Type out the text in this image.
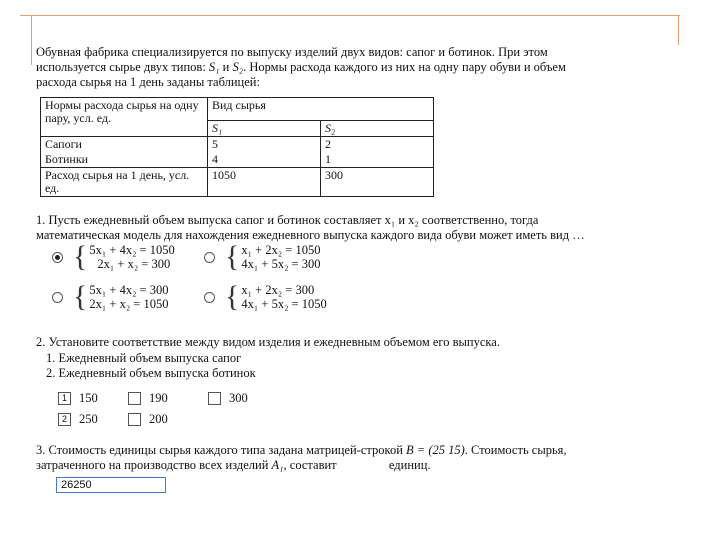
Обувная фабрика специализируется по выпуску изделий двух видов: сапог и ботинок. При этом

используется сырье двух типов: S₁ и S₂. Нормы расхода каждого из них на одну пару обуви и объем

расхода сырья на 1 день заданы таблицей:

Нормы расхода сырья на одну пару, усл. ед.	Вид сырья	
	S₁	S₂
Сапоги	5	2
Ботинки	4	1
Расход сырья на 1 день, усл. ед.	1050	300
1. Пусть ежедневный объем выпуска сапог и ботинок составляет x₁ и x₂ соответственно, тогда
математическая модель для нахождения ежедневного выпуска каждого вида обуви может иметь вид …
{ 5x₁ + 4x₂ = 1050
2x₁ + x₂ = 300 { x₁ + 2x₂ = 1050
4x₁ + 5x₂ = 300
{ 5x₁ + 4x₂ = 300
2x₁ + x₂ = 1050 { x₁ + 2x₂ = 300
4x₁ + 5x₂ = 1050
2. Установите соответствие между видом изделия и ежедневным объемом его выпуска.
1. Ежедневный объем выпуска сапог
2. Ежедневный объем выпуска ботинок
1 150	190	300
2 250	200
3. Стоимость единицы сырья каждого типа задана матрицей-строкой B = (25 15). Стоимость сырья,
затраченного на производство всех изделий A₁, составит	единиц.
26250
